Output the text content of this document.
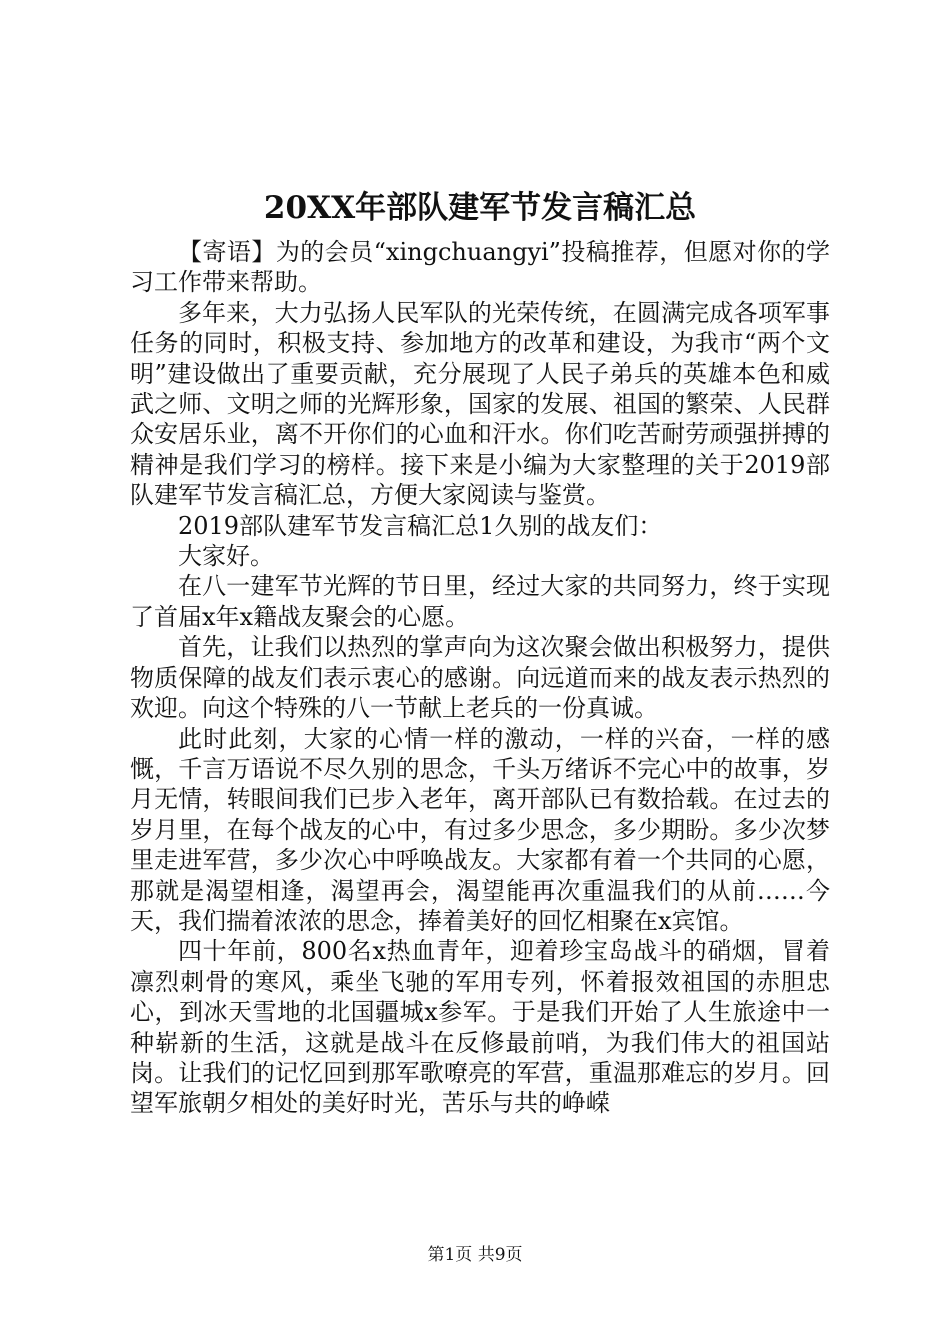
20XX年部队建军节发言稿汇总

【寄语】为的会员“xingchuangyi”投稿推荐，但愿对你的学习工作带来帮助。

多年来，大力弘扬人民军队的光荣传统，在圆满完成各项军事任务的同时，积极支持、参加地方的改革和建设，为我市“两个文明”建设做出了重要贡献，充分展现了人民子弟兵的英雄本色和威武之师、文明之师的光辉形象，国家的发展、祖国的繁荣、人民群众安居乐业，离不开你们的心血和汗水。你们吃苦耐劳顽强拼搏的精神是我们学习的榜样。接下来是小编为大家整理的关于2019部队建军节发言稿汇总，方便大家阅读与鉴赏。

2019部队建军节发言稿汇总1久别的战友们：

大家好。

在八一建军节光辉的节日里，经过大家的共同努力，终于实现了首届x年x籍战友聚会的心愿。

首先，让我们以热烈的掌声向为这次聚会做出积极努力，提供物质保障的战友们表示衷心的感谢。向远道而来的战友表示热烈的欢迎。向这个特殊的八一节献上老兵的一份真诚。

此时此刻，大家的心情一样的激动，一样的兴奋，一样的感慨，千言万语说不尽久别的思念，千头万绪诉不完心中的故事，岁月无情，转眼间我们已步入老年，离开部队已有数拾载。在过去的岁月里，在每个战友的心中，有过多少思念，多少期盼。多少次梦里走进军营，多少次心中呼唤战友。大家都有着一个共同的心愿，那就是渴望相逢，渴望再会，渴望能再次重温我们的从前……今天，我们揣着浓浓的思念，捧着美好的回忆相聚在x宾馆。

四十年前，800名x热血青年，迎着珍宝岛战斗的硝烟，冒着凛烈刺骨的寒风，乘坐飞驰的军用专列，怀着报效祖国的赤胆忠心，到冰天雪地的北国疆城x参军。于是我们开始了人生旅途中一种崭新的生活，这就是战斗在反修最前哨，为我们伟大的祖国站岗。让我们的记忆回到那军歌嘹亮的军营，重温那难忘的岁月。回望军旅朝夕相处的美好时光，苦乐与共的峥嵘

第1页 共9页
